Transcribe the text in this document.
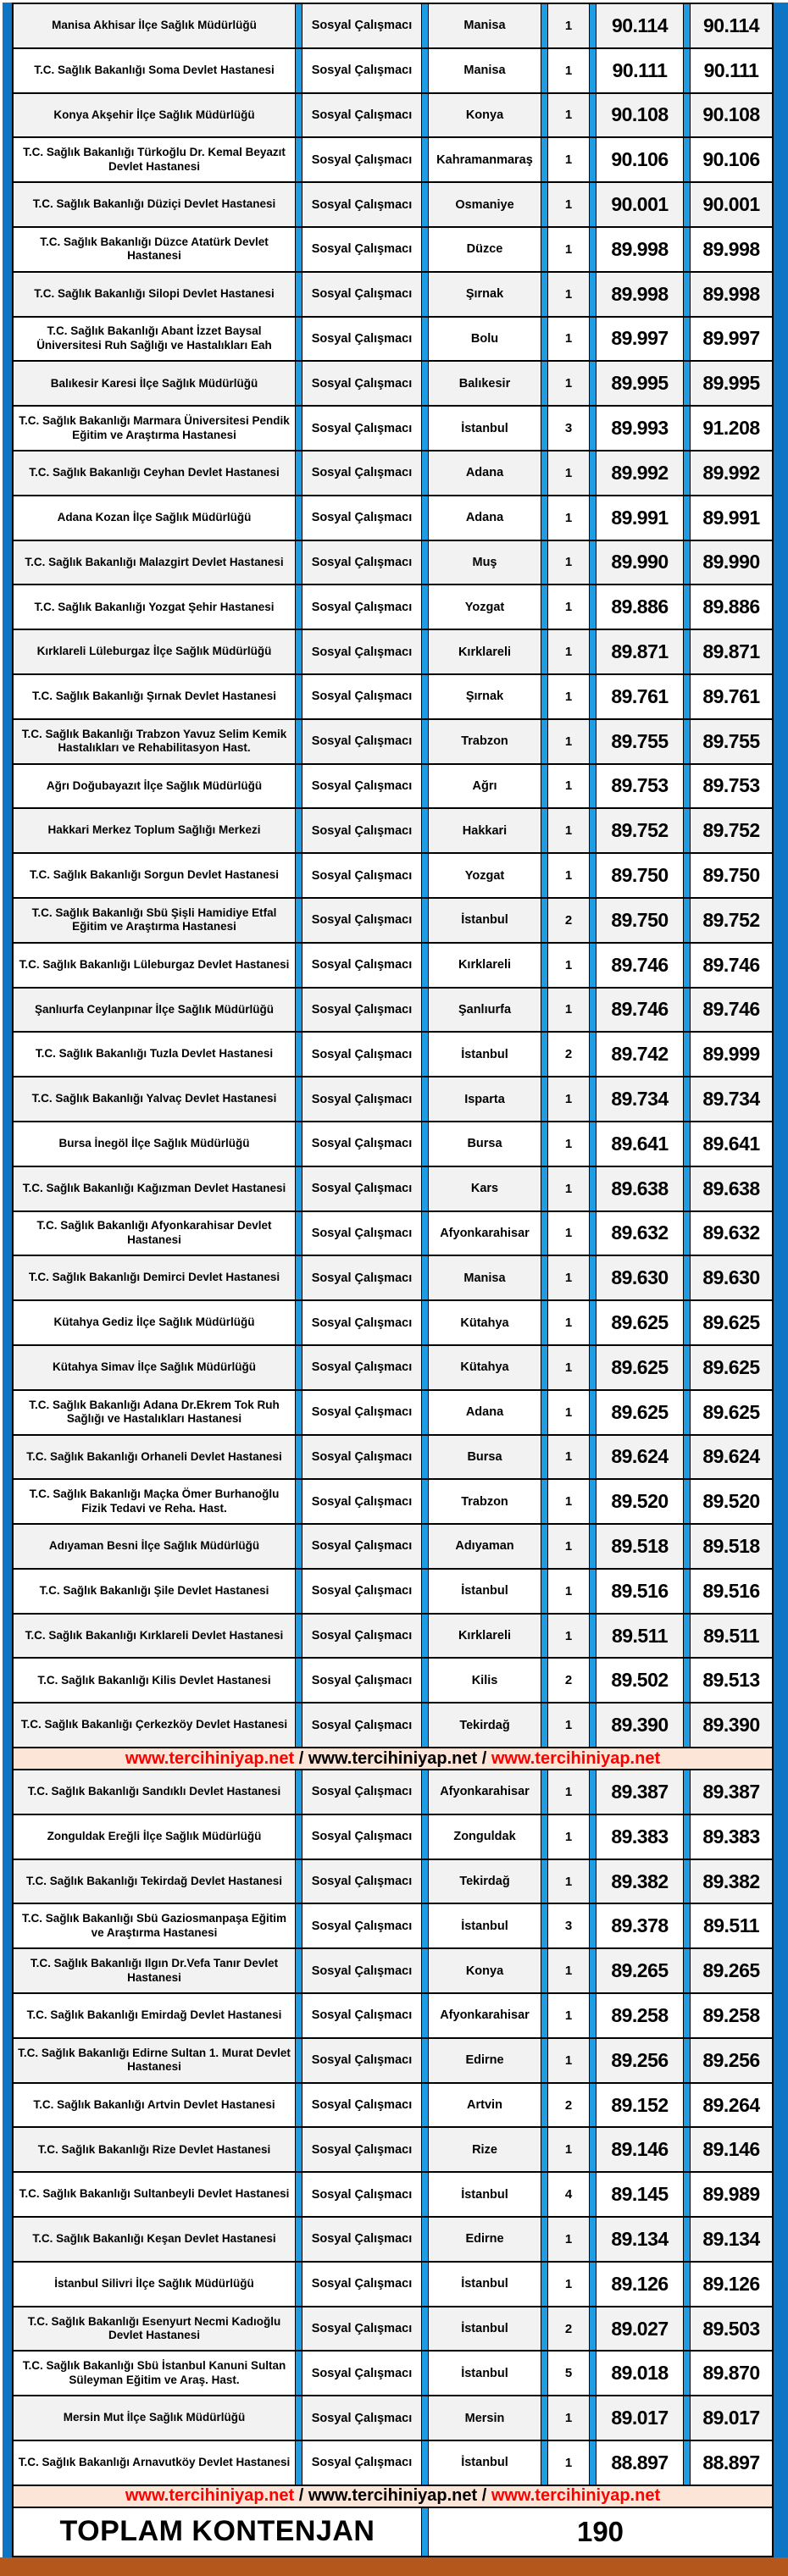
Manisa Akhisar İlçe Sağlık Müdürlüğü	Sosyal Çalışmacı	Manisa	1	90.114	90.114
T.C. Sağlık Bakanlığı Soma Devlet Hastanesi	Sosyal Çalışmacı	Manisa	1	90.111	90.111
Konya Akşehir İlçe Sağlık Müdürlüğü	Sosyal Çalışmacı	Konya	1	90.108	90.108
T.C. Sağlık Bakanlığı Türkoğlu Dr. Kemal Beyazıt Devlet Hastanesi	Sosyal Çalışmacı	Kahramanmaraş	1	90.106	90.106
T.C. Sağlık Bakanlığı Düziçi Devlet Hastanesi	Sosyal Çalışmacı	Osmaniye	1	90.001	90.001
T.C. Sağlık Bakanlığı Düzce Atatürk Devlet Hastanesi	Sosyal Çalışmacı	Düzce	1	89.998	89.998
T.C. Sağlık Bakanlığı Silopi Devlet Hastanesi	Sosyal Çalışmacı	Şırnak	1	89.998	89.998
T.C. Sağlık Bakanlığı Abant İzzet Baysal Üniversitesi Ruh Sağlığı ve Hastalıkları Eah	Sosyal Çalışmacı	Bolu	1	89.997	89.997
Balıkesir Karesi İlçe Sağlık Müdürlüğü	Sosyal Çalışmacı	Balıkesir	1	89.995	89.995
T.C. Sağlık Bakanlığı Marmara Üniversitesi Pendik Eğitim ve Araştırma Hastanesi	Sosyal Çalışmacı	İstanbul	3	89.993	91.208
T.C. Sağlık Bakanlığı Ceyhan Devlet Hastanesi	Sosyal Çalışmacı	Adana	1	89.992	89.992
Adana Kozan İlçe Sağlık Müdürlüğü	Sosyal Çalışmacı	Adana	1	89.991	89.991
T.C. Sağlık Bakanlığı Malazgirt Devlet Hastanesi	Sosyal Çalışmacı	Muş	1	89.990	89.990
T.C. Sağlık Bakanlığı Yozgat Şehir Hastanesi	Sosyal Çalışmacı	Yozgat	1	89.886	89.886
Kırklareli Lüleburgaz İlçe Sağlık Müdürlüğü	Sosyal Çalışmacı	Kırklareli	1	89.871	89.871
T.C. Sağlık Bakanlığı Şırnak Devlet Hastanesi	Sosyal Çalışmacı	Şırnak	1	89.761	89.761
T.C. Sağlık Bakanlığı Trabzon Yavuz Selim Kemik Hastalıkları ve Rehabilitasyon Hast.	Sosyal Çalışmacı	Trabzon	1	89.755	89.755
Ağrı Doğubayazıt İlçe Sağlık Müdürlüğü	Sosyal Çalışmacı	Ağrı	1	89.753	89.753
Hakkari Merkez Toplum Sağlığı Merkezi	Sosyal Çalışmacı	Hakkari	1	89.752	89.752
T.C. Sağlık Bakanlığı Sorgun Devlet Hastanesi	Sosyal Çalışmacı	Yozgat	1	89.750	89.750
T.C. Sağlık Bakanlığı Sbü Şişli Hamidiye Etfal Eğitim ve Araştırma Hastanesi	Sosyal Çalışmacı	İstanbul	2	89.750	89.752
T.C. Sağlık Bakanlığı Lüleburgaz Devlet Hastanesi	Sosyal Çalışmacı	Kırklareli	1	89.746	89.746
Şanlıurfa Ceylanpınar İlçe Sağlık Müdürlüğü	Sosyal Çalışmacı	Şanlıurfa	1	89.746	89.746
T.C. Sağlık Bakanlığı Tuzla Devlet Hastanesi	Sosyal Çalışmacı	İstanbul	2	89.742	89.999
T.C. Sağlık Bakanlığı Yalvaç Devlet Hastanesi	Sosyal Çalışmacı	Isparta	1	89.734	89.734
Bursa İnegöl İlçe Sağlık Müdürlüğü	Sosyal Çalışmacı	Bursa	1	89.641	89.641
T.C. Sağlık Bakanlığı Kağızman Devlet Hastanesi	Sosyal Çalışmacı	Kars	1	89.638	89.638
T.C. Sağlık Bakanlığı Afyonkarahisar Devlet Hastanesi	Sosyal Çalışmacı	Afyonkarahisar	1	89.632	89.632
T.C. Sağlık Bakanlığı Demirci Devlet Hastanesi	Sosyal Çalışmacı	Manisa	1	89.630	89.630
Kütahya Gediz İlçe Sağlık Müdürlüğü	Sosyal Çalışmacı	Kütahya	1	89.625	89.625
Kütahya Simav İlçe Sağlık Müdürlüğü	Sosyal Çalışmacı	Kütahya	1	89.625	89.625
T.C. Sağlık Bakanlığı Adana Dr.Ekrem Tok Ruh Sağlığı ve Hastalıkları Hastanesi	Sosyal Çalışmacı	Adana	1	89.625	89.625
T.C. Sağlık Bakanlığı Orhaneli Devlet Hastanesi	Sosyal Çalışmacı	Bursa	1	89.624	89.624
T.C. Sağlık Bakanlığı Maçka Ömer Burhanoğlu Fizik Tedavi ve Reha. Hast.	Sosyal Çalışmacı	Trabzon	1	89.520	89.520
Adıyaman Besni İlçe Sağlık Müdürlüğü	Sosyal Çalışmacı	Adıyaman	1	89.518	89.518
T.C. Sağlık Bakanlığı Şile Devlet Hastanesi	Sosyal Çalışmacı	İstanbul	1	89.516	89.516
T.C. Sağlık Bakanlığı Kırklareli Devlet Hastanesi	Sosyal Çalışmacı	Kırklareli	1	89.511	89.511
T.C. Sağlık Bakanlığı Kilis Devlet Hastanesi	Sosyal Çalışmacı	Kilis	2	89.502	89.513
T.C. Sağlık Bakanlığı Çerkezköy Devlet Hastanesi	Sosyal Çalışmacı	Tekirdağ	1	89.390	89.390
www.tercihiniyap.net / www.tercihiniyap.net / www.tercihiniyap.net
T.C. Sağlık Bakanlığı Sandıklı Devlet Hastanesi	Sosyal Çalışmacı	Afyonkarahisar	1	89.387	89.387
Zonguldak Ereğli İlçe Sağlık Müdürlüğü	Sosyal Çalışmacı	Zonguldak	1	89.383	89.383
T.C. Sağlık Bakanlığı Tekirdağ Devlet Hastanesi	Sosyal Çalışmacı	Tekirdağ	1	89.382	89.382
T.C. Sağlık Bakanlığı Sbü Gaziosmanpaşa Eğitim ve Araştırma Hastanesi	Sosyal Çalışmacı	İstanbul	3	89.378	89.511
T.C. Sağlık Bakanlığı Ilgın Dr.Vefa Tanır Devlet Hastanesi	Sosyal Çalışmacı	Konya	1	89.265	89.265
T.C. Sağlık Bakanlığı Emirdağ Devlet Hastanesi	Sosyal Çalışmacı	Afyonkarahisar	1	89.258	89.258
T.C. Sağlık Bakanlığı Edirne Sultan 1. Murat Devlet Hastanesi	Sosyal Çalışmacı	Edirne	1	89.256	89.256
T.C. Sağlık Bakanlığı Artvin Devlet Hastanesi	Sosyal Çalışmacı	Artvin	2	89.152	89.264
T.C. Sağlık Bakanlığı Rize Devlet Hastanesi	Sosyal Çalışmacı	Rize	1	89.146	89.146
T.C. Sağlık Bakanlığı Sultanbeyli Devlet Hastanesi	Sosyal Çalışmacı	İstanbul	4	89.145	89.989
T.C. Sağlık Bakanlığı Keşan Devlet Hastanesi	Sosyal Çalışmacı	Edirne	1	89.134	89.134
İstanbul Silivri İlçe Sağlık Müdürlüğü	Sosyal Çalışmacı	İstanbul	1	89.126	89.126
T.C. Sağlık Bakanlığı Esenyurt Necmi Kadıoğlu Devlet Hastanesi	Sosyal Çalışmacı	İstanbul	2	89.027	89.503
T.C. Sağlık Bakanlığı Sbü İstanbul Kanuni Sultan Süleyman Eğitim ve Araş. Hast.	Sosyal Çalışmacı	İstanbul	5	89.018	89.870
Mersin Mut İlçe Sağlık Müdürlüğü	Sosyal Çalışmacı	Mersin	1	89.017	89.017
T.C. Sağlık Bakanlığı Arnavutköy Devlet Hastanesi	Sosyal Çalışmacı	İstanbul	1	88.897	88.897
www.tercihiniyap.net / www.tercihiniyap.net / www.tercihiniyap.net
TOPLAM KONTENJAN	190
